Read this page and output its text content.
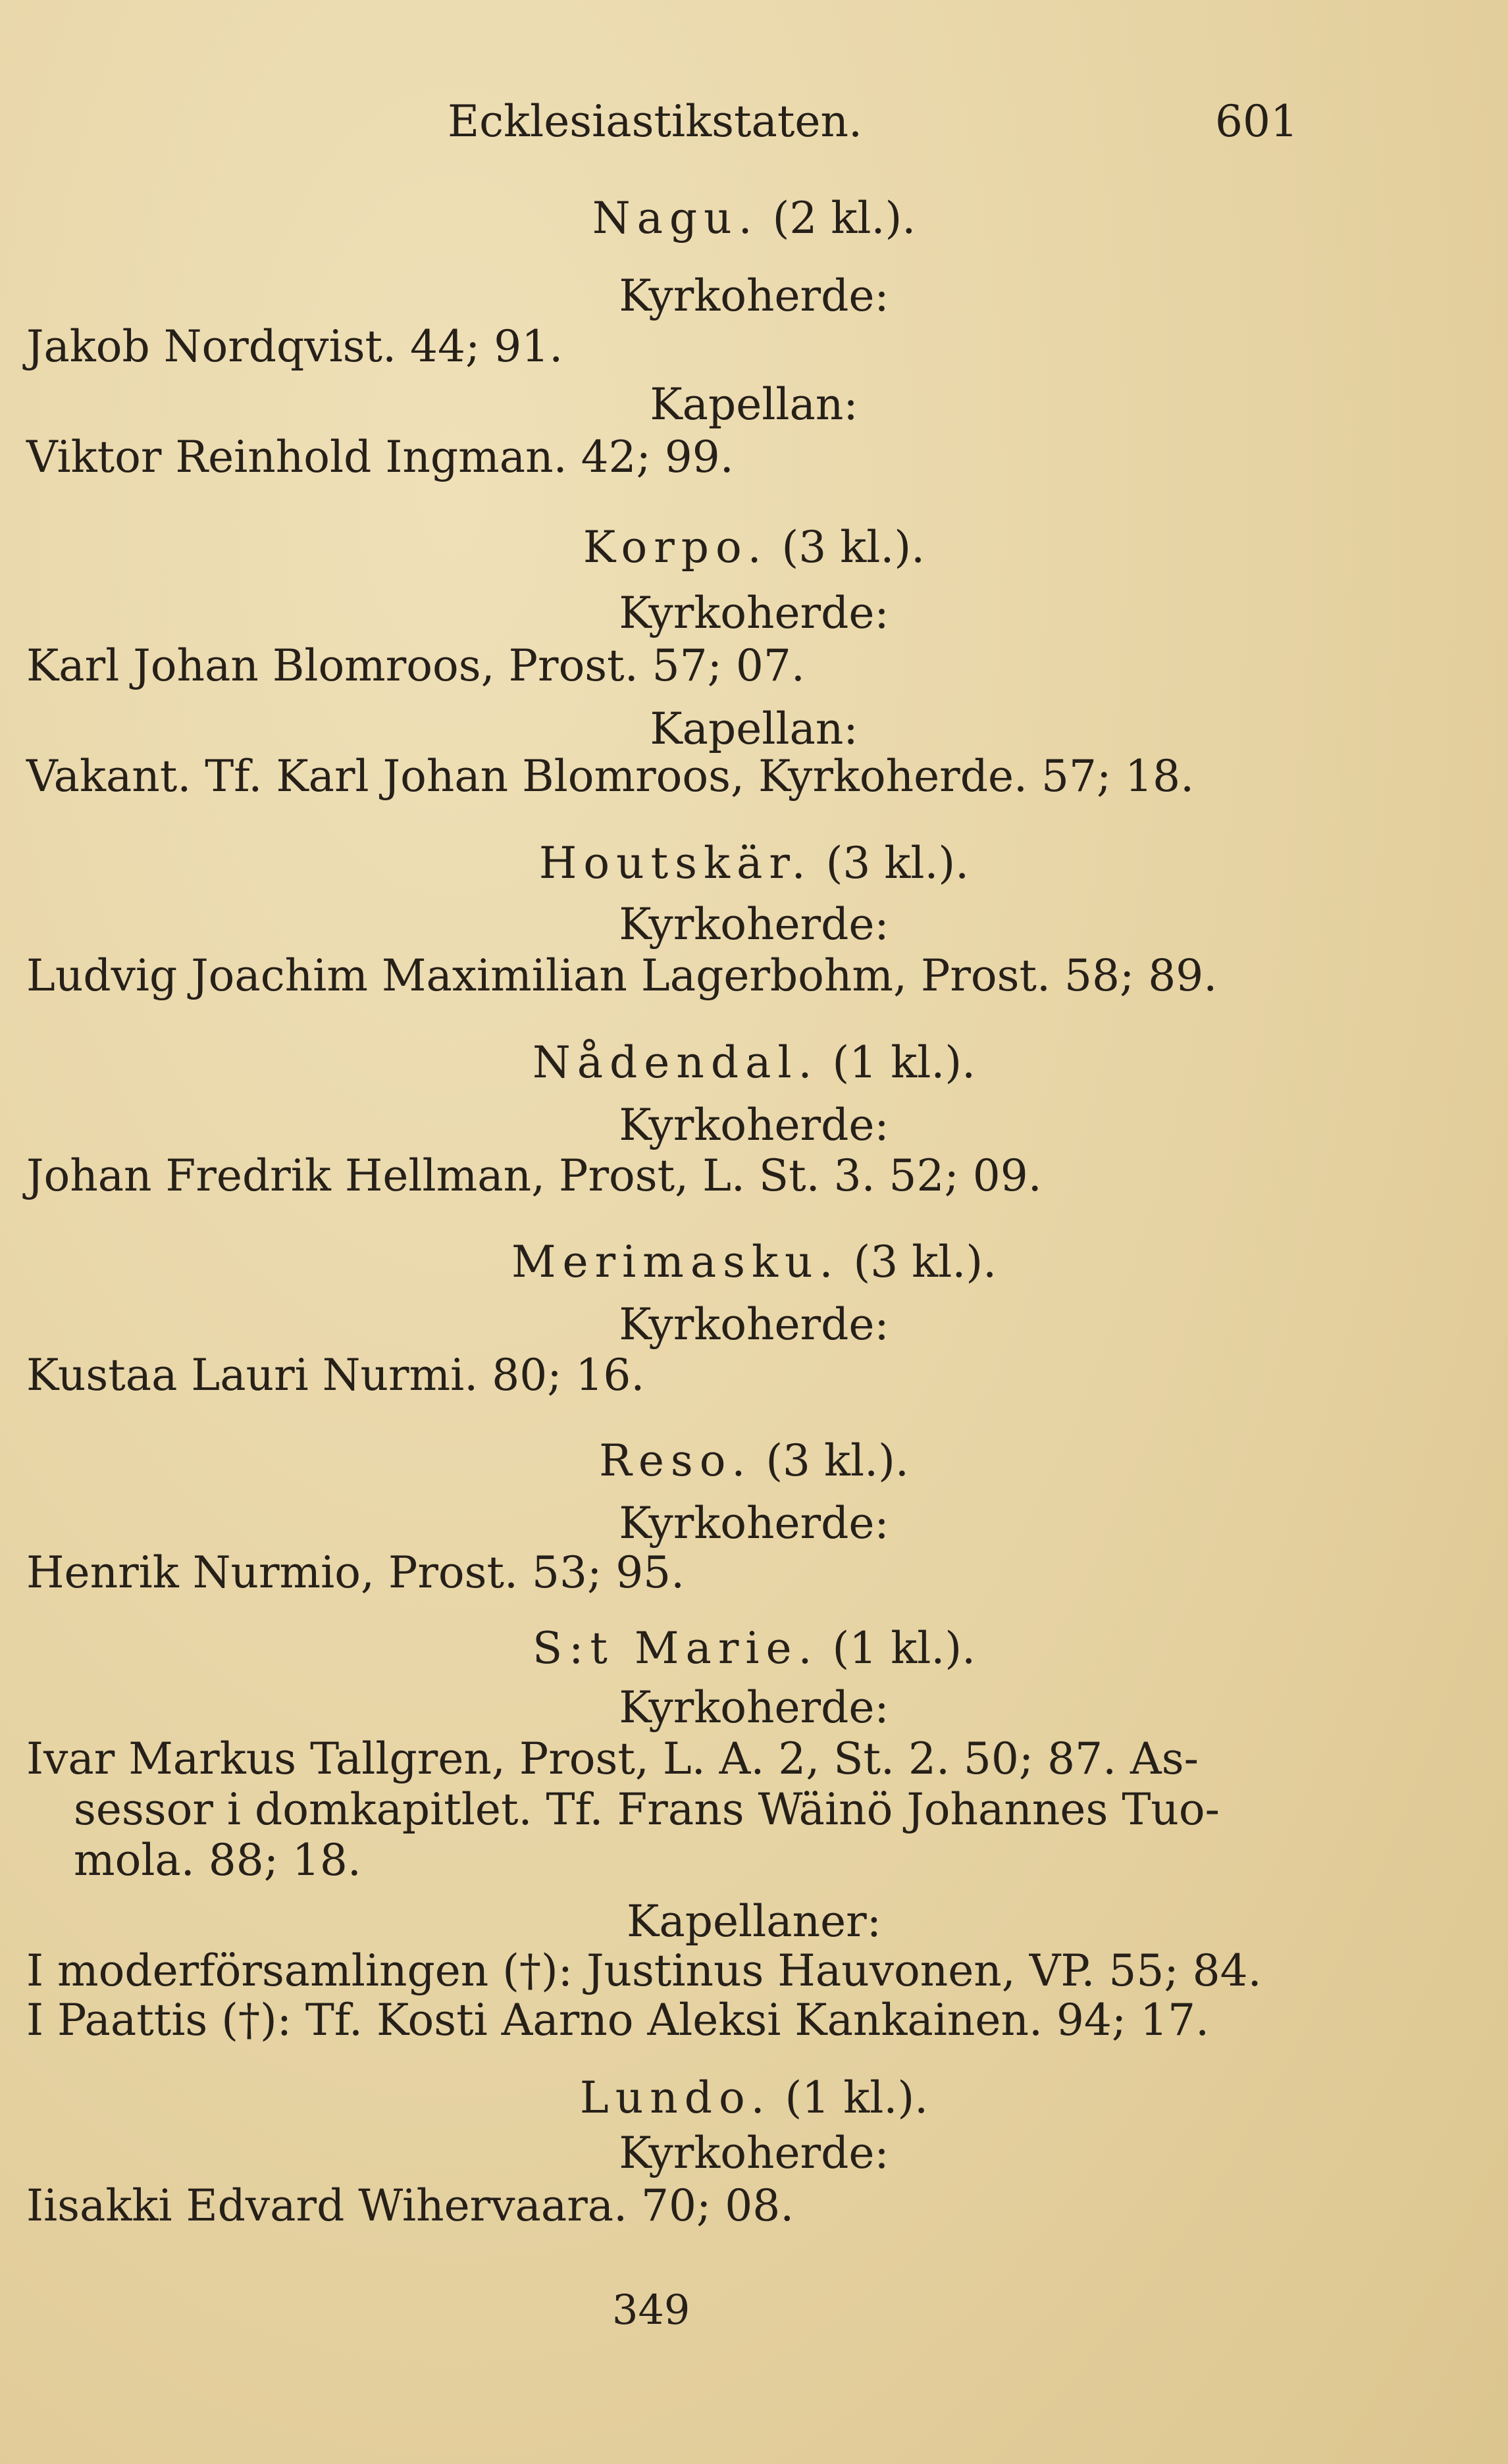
Ecklesiastikstaten.	601
Nagu. (2 kl.).
Kyrkoherde:
Jakob Nordqvist. 44; 91.
Kapellan:
Viktor Reinhold Ingman. 42; 99.
Korpo. (3 kl.).
Kyrkoherde:
Karl Johan Blomroos, Prost. 57; 07.
Kapellan:
Vakant. Tf. Karl Johan Blomroos, Kyrkoherde. 57; 18.
Houtskär. (3 kl.).
Kyrkoherde:
Ludvig Joachim Maximilian Lagerbohm, Prost. 58; 89.
Nådendal. (1 kl.).
Kyrkoherde:
Johan Fredrik Hellman, Prost, L. St. 3. 52; 09.
Merimasku. (3 kl.).
Kyrkoherde:
Kustaa Lauri Nurmi. 80; 16.
Reso. (3 kl.).
Kyrkoherde:
Henrik Nurmio, Prost. 53; 95.
S:t Marie. (1 kl.).
Kyrkoherde:
Ivar Markus Tallgren, Prost, L. A. 2, St. 2. 50; 87. As-
sessor i domkapitlet. Tf. Frans Wäinö Johannes Tuo-
mola. 88; 18.
Kapellaner:
I moderförsamlingen (†): Justinus Hauvonen, VP. 55; 84.
I Paattis (†): Tf. Kosti Aarno Aleksi Kankainen. 94; 17.
Lundo. (1 kl.).
Kyrkoherde:
Iisakki Edvard Wihervaara. 70; 08.
349
